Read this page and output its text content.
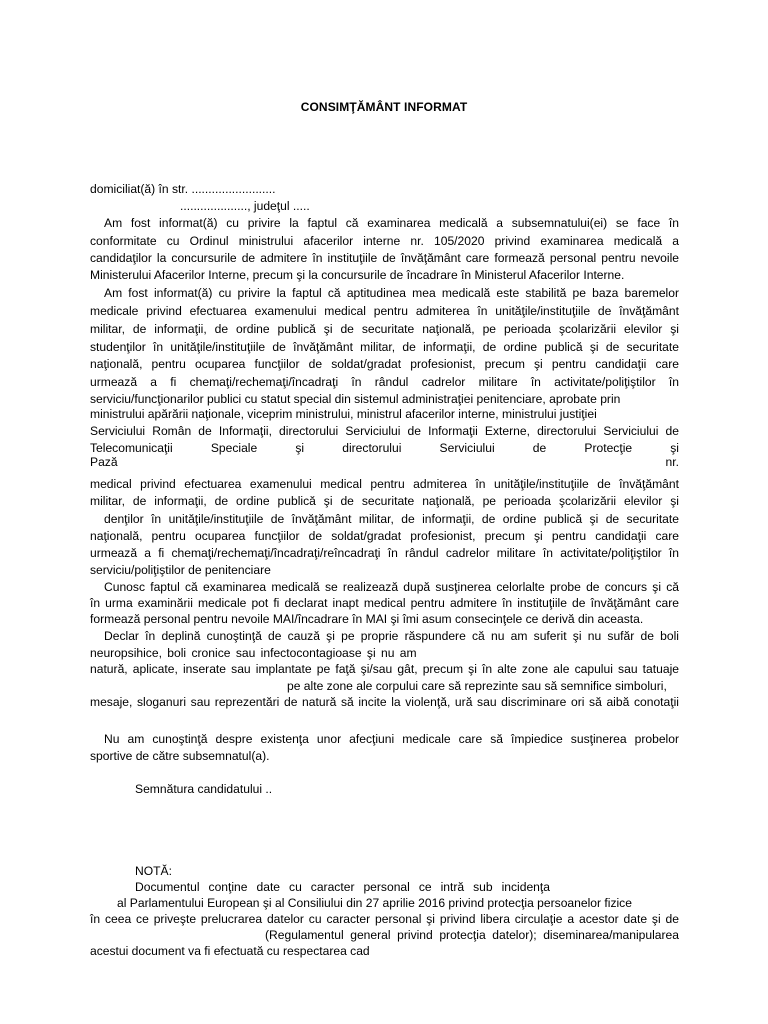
CONSIMŢĂMÂNT INFORMAT
domiciliat(ă) în str. .........................
...................., judeţul .....
Am fost informat(ă) cu privire la faptul că examinarea medicală a subsemnatului(ei) se face în
conformitate cu Ordinul ministrului afacerilor interne nr. 105/2020 privind examinarea medicală a
candidaţilor la concursurile de admitere în instituţiile de învăţământ care formează personal pentru nevoile
Ministerului Afacerilor Interne, precum şi la concursurile de încadrare în Ministerul Afacerilor Interne.
Am fost informat(ă) cu privire la faptul că aptitudinea mea medicală este stabilită pe baza baremelor
medicale privind efectuarea examenului medical pentru admiterea în unităţile/instituţiile de învăţământ
militar, de informaţii, de ordine publică şi de securitate naţională, pe perioada şcolarizării elevilor şi
studenţilor în unităţile/instituţiile de învăţământ militar, de informaţii, de ordine publică şi de securitate
naţională, pentru ocuparea funcţiilor de soldat/gradat profesionist, precum şi pentru candidaţii care
urmează a fi chemaţi/rechemaţi/încadraţi în rândul cadrelor militare în activitate/poliţiştilor în
serviciu/funcţionarilor publici cu statut special din sistemul administraţiei penitenciare, aprobate prin
ministrului apărării naţionale, viceprim ministrului, ministrul afacerilor interne, ministrului justiţiei
Serviciului Român de Informaţii, directorului Serviciului de Informaţii Externe, directorului Serviciului de
Telecomunicaţii Speciale şi directorului Serviciului de Protecţie şi Pază nr.
medical privind efectuarea examenului medical pentru admiterea în unităţile/instituţiile de învăţământ
militar, de informaţii, de ordine publică şi de securitate naţională, pe perioada şcolarizării elevilor şi
denţilor în unităţile/instituţiile de învăţământ militar, de informaţii, de ordine publică şi de securitate
naţională, pentru ocuparea funcţiilor de soldat/gradat profesionist, precum şi pentru candidaţii care
urmează a fi chemaţi/rechemaţi/încadraţi/reîncadraţi în rândul cadrelor militare în activitate/poliţiştilor în
serviciu/poliţiştilor de penitenciare
Cunosc faptul că examinarea medicală se realizează după susţinerea celorlalte probe de concurs şi că
în urma examinării medicale pot fi declarat inapt medical pentru admitere în instituţiile de învăţământ care
formează personal pentru nevoile MAI/încadrare în MAI şi îmi asum consecinţele ce derivă din aceasta.
Declar în deplină cunoştinţă de cauză şi pe proprie răspundere că nu am suferit şi nu sufăr de boli
neuropsihice, boli cronice sau infectocontagioase şi nu am
natură, aplicate, inserate sau implantate pe faţă şi/sau gât, precum şi în alte zone ale capului sau tatuaje
pe alte zone ale corpului care să reprezinte sau să semnifice simboluri,
mesaje, sloganuri sau reprezentări de natură să incite la violenţă, ură sau discriminare ori să aibă conotaţii
Nu am cunoştinţă despre existenţa unor afecţiuni medicale care să împiedice susţinerea probelor
sportive de către subsemnatul(a).
Semnătura candidatului ..
NOTĂ:
Documentul conţine date cu caracter personal ce intră sub incidenţa
al Parlamentului European şi al Consiliului din 27 aprilie 2016 privind protecţia persoanelor fizice
în ceea ce priveşte prelucrarea datelor cu caracter personal şi privind libera circulaţie a acestor date şi de
(Regulamentul general privind protecţia datelor); diseminarea/manipularea
acestui document va fi efectuată cu respectarea cad
